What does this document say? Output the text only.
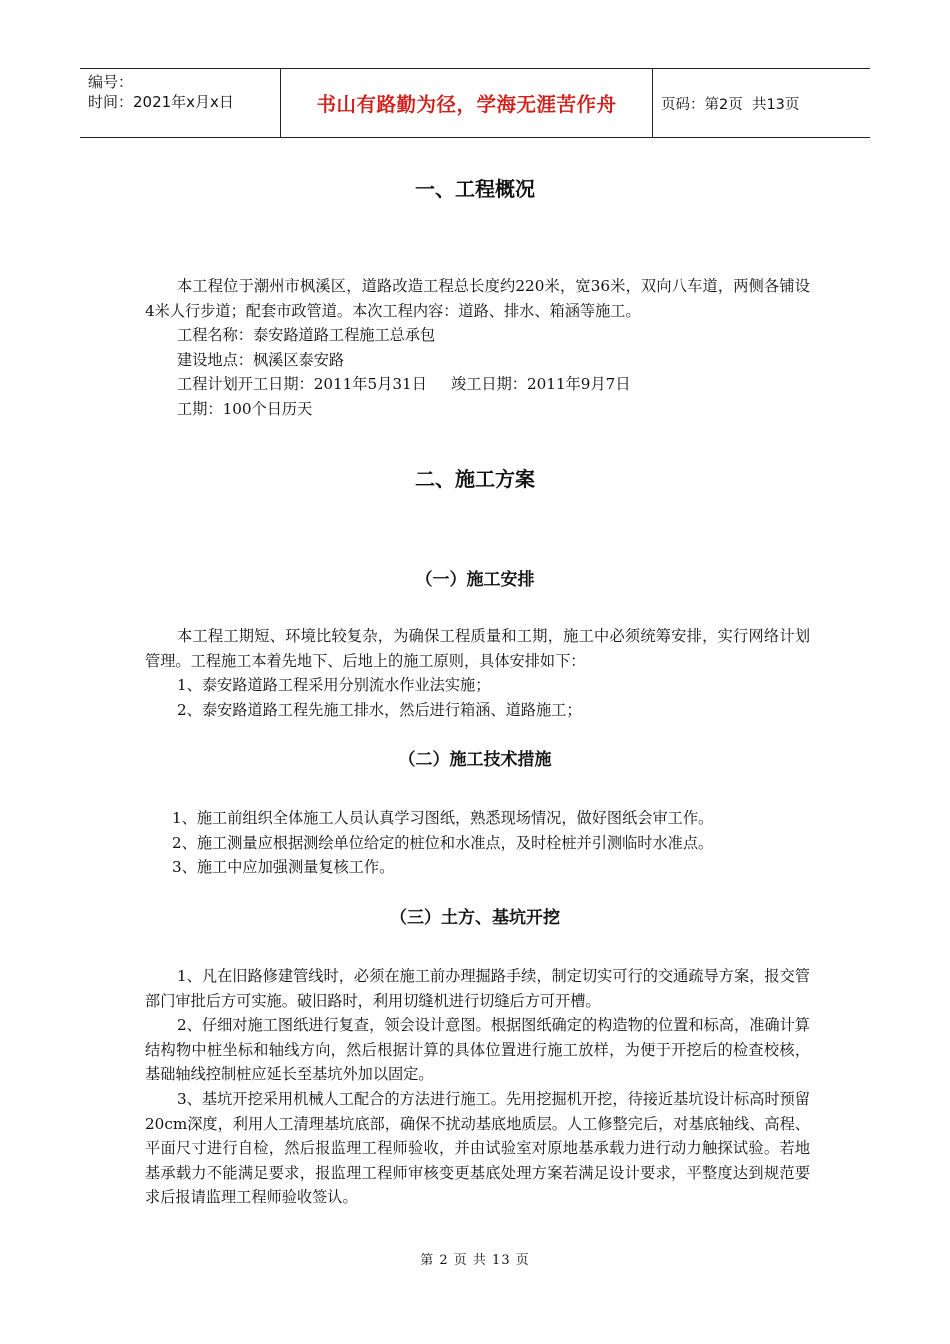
编号：
时间：2021年x月x日	书山有路勤为径，学海无涯苦作舟	页码：第2页  共13页
一、工程概况

本工程位于潮州市枫溪区，道路改造工程总长度约220米，宽36米，双向八车道，两侧各铺设4米人行步道；配套市政管道。本次工程内容：道路、排水、箱涵等施工。

工程名称：泰安路道路工程施工总承包

建设地点：枫溪区泰安路

工程计划开工日期：2011年5月31日     竣工日期：2011年9月7日

工期：100个日历天

二、施工方案
（一）施工安排

本工程工期短、环境比较复杂，为确保工程质量和工期，施工中必须统筹安排，实行网络计划管理。工程施工本着先地下、后地上的施工原则，具体安排如下：

1、泰安路道路工程采用分别流水作业法实施；

2、泰安路道路工程先施工排水，然后进行箱涵、道路施工；

（二）施工技术措施

1、施工前组织全体施工人员认真学习图纸，熟悉现场情况，做好图纸会审工作。

2、施工测量应根据测绘单位给定的桩位和水准点，及时栓桩并引测临时水准点。

3、施工中应加强测量复核工作。

（三）土方、基坑开挖

1、凡在旧路修建管线时，必须在施工前办理掘路手续，制定切实可行的交通疏导方案，报交管部门审批后方可实施。破旧路时，利用切缝机进行切缝后方可开槽。

2、仔细对施工图纸进行复查，领会设计意图。根据图纸确定的构造物的位置和标高，准确计算结构物中桩坐标和轴线方向，然后根据计算的具体位置进行施工放样，为便于开挖后的检查校核，基础轴线控制桩应延长至基坑外加以固定。

3、基坑开挖采用机械人工配合的方法进行施工。先用挖掘机开挖，待接近基坑设计标高时预留20cm深度，利用人工清理基坑底部，确保不扰动基底地质层。人工修整完后，对基底轴线、高程、平面尺寸进行自检，然后报监理工程师验收，并由试验室对原地基承载力进行动力触探试验。若地基承载力不能满足要求，报监理工程师审核变更基底处理方案若满足设计要求，平整度达到规范要求后报请监理工程师验收签认。

第 2 页 共 13 页
